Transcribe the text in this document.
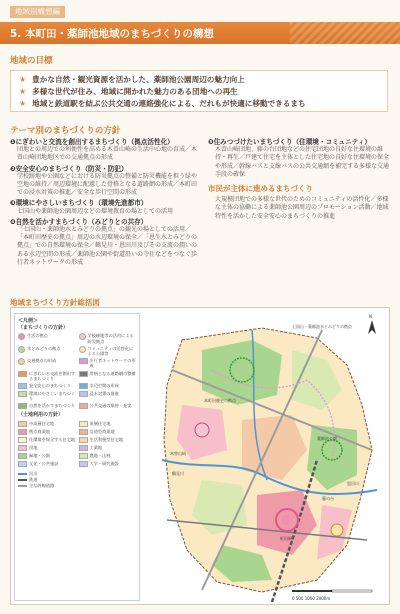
地域別構想編
5. 本町田・薬師池地域のまちづくりの構想
地域の目標
★ 豊かな自然・観光資源を活かした、薬師池公園周辺の魅力向上
★ 多様な世代が住み、地域に開かれた魅力のある団地への再生
★ 地域と鉄道駅を結ぶ公共交通の連絡強化による、だれもが快適に移動できるまち
テーマ別のまちづくりの方針
❶にぎわいと交流を創出するまちづくり（拠点活性化）
団地との周辺での利便性を高める木曽山崎の生活中心地の育成／木曽山崎団地地区での交通拠点の形成
❷安全安心のまちづくり（防災・防犯）
学校跡地や公園などにおける防災拠点の整備と防災機能を担う緑や空地の維持／周辺環境に配慮した骨格となる道路網の形成／本町田での浸水対策の推進／安全な歩行空間の形成
❸環境にやさしいまちづくり（環境先進都市）
七国山や薬師池公園周辺などの環境教育の場としての活用
❹自然を活かすまちづくり（みどりとの共存）
「七国山・薬師池水とみどりの拠点」の観光の場としての活用／「本町田歴史の拠点」周辺の水辺環境の保全／「恩生水とみどりの拠点」での自然環境の保全／鶴見川・恩田川及びその支流の潤いのある水辺空間の形成／薬師池公園や街道沿いの寺社などをつなぐ歩行者ネットワークの形成
❺住みつづけたいまちづくり（住環境・コミュニティ）
木曽山崎団地、藤の台団地などの住宅団地の良好な住環境の維持・再生／戸建て住宅を主体とした住宅地の良好な住環境の保全や形成／幹線バスと支線バスの公共交通網を補完する多様な交通手段の確保
市民が主体に進めるまちづくり
大規模団地での多様な世代のためのコミュニティの活性化／多様な主体の協働による薬師池公園周辺のプロモーション活動／地域特性を活かした安全安心のまちづくりの推進
地域まちづくり方針総括図
＜凡例＞
（まちづくりの方針）
生活の拠点	学校跡地等の活用による防災拠点
水とみどりの拠点	コミュニティの活性化による公園等
交通拠点の形成	歩行者ネットワークの形成
にぎわいと交流を創出するまちづくり
骨格となる道路網の整備
安全安心のまちづくり	水辺空間の形成
環境にやさしいまちづくり
浸水対策の推進
自然を活かすまちづくり	公共交通の維持・充実
（土地利用の方針）
中高層住宅地	低層住宅地
拠点商業地	沿道型商業地
住環境を保全する住宅地	生活利便型住宅地
団地	工業地
緑地・公園	農地・山林
文化・公共施設	大学・研究施設
河川
鉄道
主な幹線道路
七国山・薬師池水とみどりの拠点
本町田歴史の拠点
木曽山崎
藤の台
薬師池公園
恩田川
鶴見川
町田駅
N
0 500 1000 2000m
